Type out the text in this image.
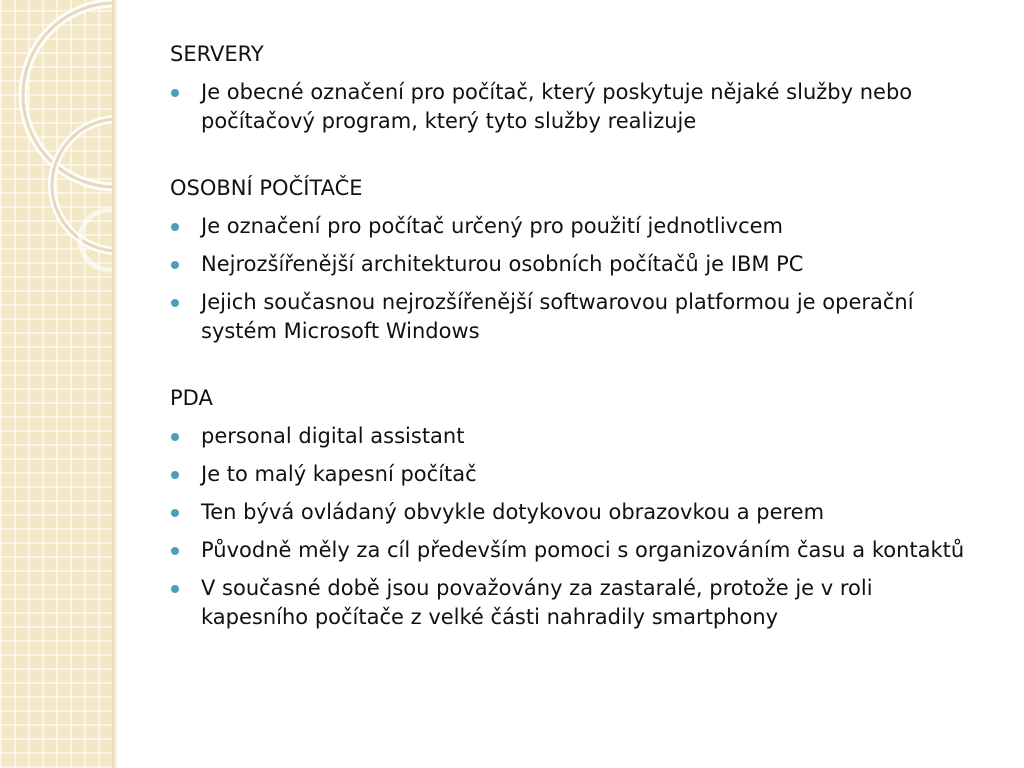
SERVERY

Je obecné označení pro počítač, který poskytuje nějaké služby nebo počítačový program, který tyto služby realizuje

OSOBNÍ POČÍTAČE

Je označení pro počítač určený pro použití jednotlivcem
Nejrozšířenější architekturou osobních počítačů je IBM PC
Jejich současnou nejrozšířenější softwarovou platformou je operační systém Microsoft Windows

PDA

personal digital assistant
Je to malý kapesní počítač
Ten bývá ovládaný obvykle dotykovou obrazovkou a perem
Původně měly za cíl především pomoci s organizováním času a kontaktů
V současné době jsou považovány za zastaralé, protože je v roli kapesního počítače z velké části nahradily smartphony
